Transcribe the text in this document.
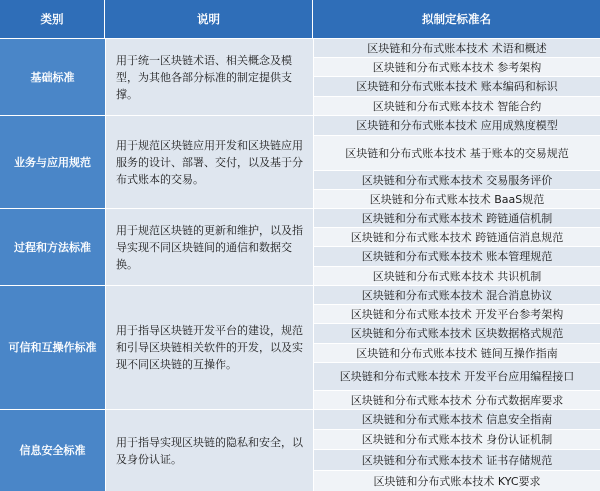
类别	说明	拟制定标准名
基础标准
用于统一区块链术语、相关概念及模型，为其他各部分标准的制定提供支撑。
区块链和分布式账本技术 术语和概述
区块链和分布式账本技术 参考架构
区块链和分布式账本技术 账本编码和标识
区块链和分布式账本技术 智能合约
业务与应用规范
用于规范区块链应用开发和区块链应用服务的设计、部署、交付，以及基于分布式账本的交易。
区块链和分布式账本技术 应用成熟度模型
区块链和分布式账本技术 基于账本的交易规范
区块链和分布式账本技术 交易服务评价
区块链和分布式账本技术 BaaS规范
过程和方法标准
用于规范区块链的更新和维护，以及指导实现不同区块链间的通信和数据交换。
区块链和分布式账本技术 跨链通信机制
区块链和分布式账本技术 跨链通信消息规范
区块链和分布式账本技术 账本管理规范
区块链和分布式账本技术 共识机制
可信和互操作标准
用于指导区块链开发平台的建设，规范和引导区块链相关软件的开发，以及实现不同区块链的互操作。
区块链和分布式账本技术 混合消息协议
区块链和分布式账本技术 开发平台参考架构
区块链和分布式账本技术 区块数据格式规范
区块链和分布式账本技术 链间互操作指南
区块链和分布式账本技术 开发平台应用编程接口
区块链和分布式账本技术 分布式数据库要求
信息安全标准
用于指导实现区块链的隐私和安全，以及身份认证。
区块链和分布式账本技术 信息安全指南
区块链和分布式账本技术 身份认证机制
区块链和分布式账本技术 证书存储规范
区块链和分布式账本技术 KYC要求
